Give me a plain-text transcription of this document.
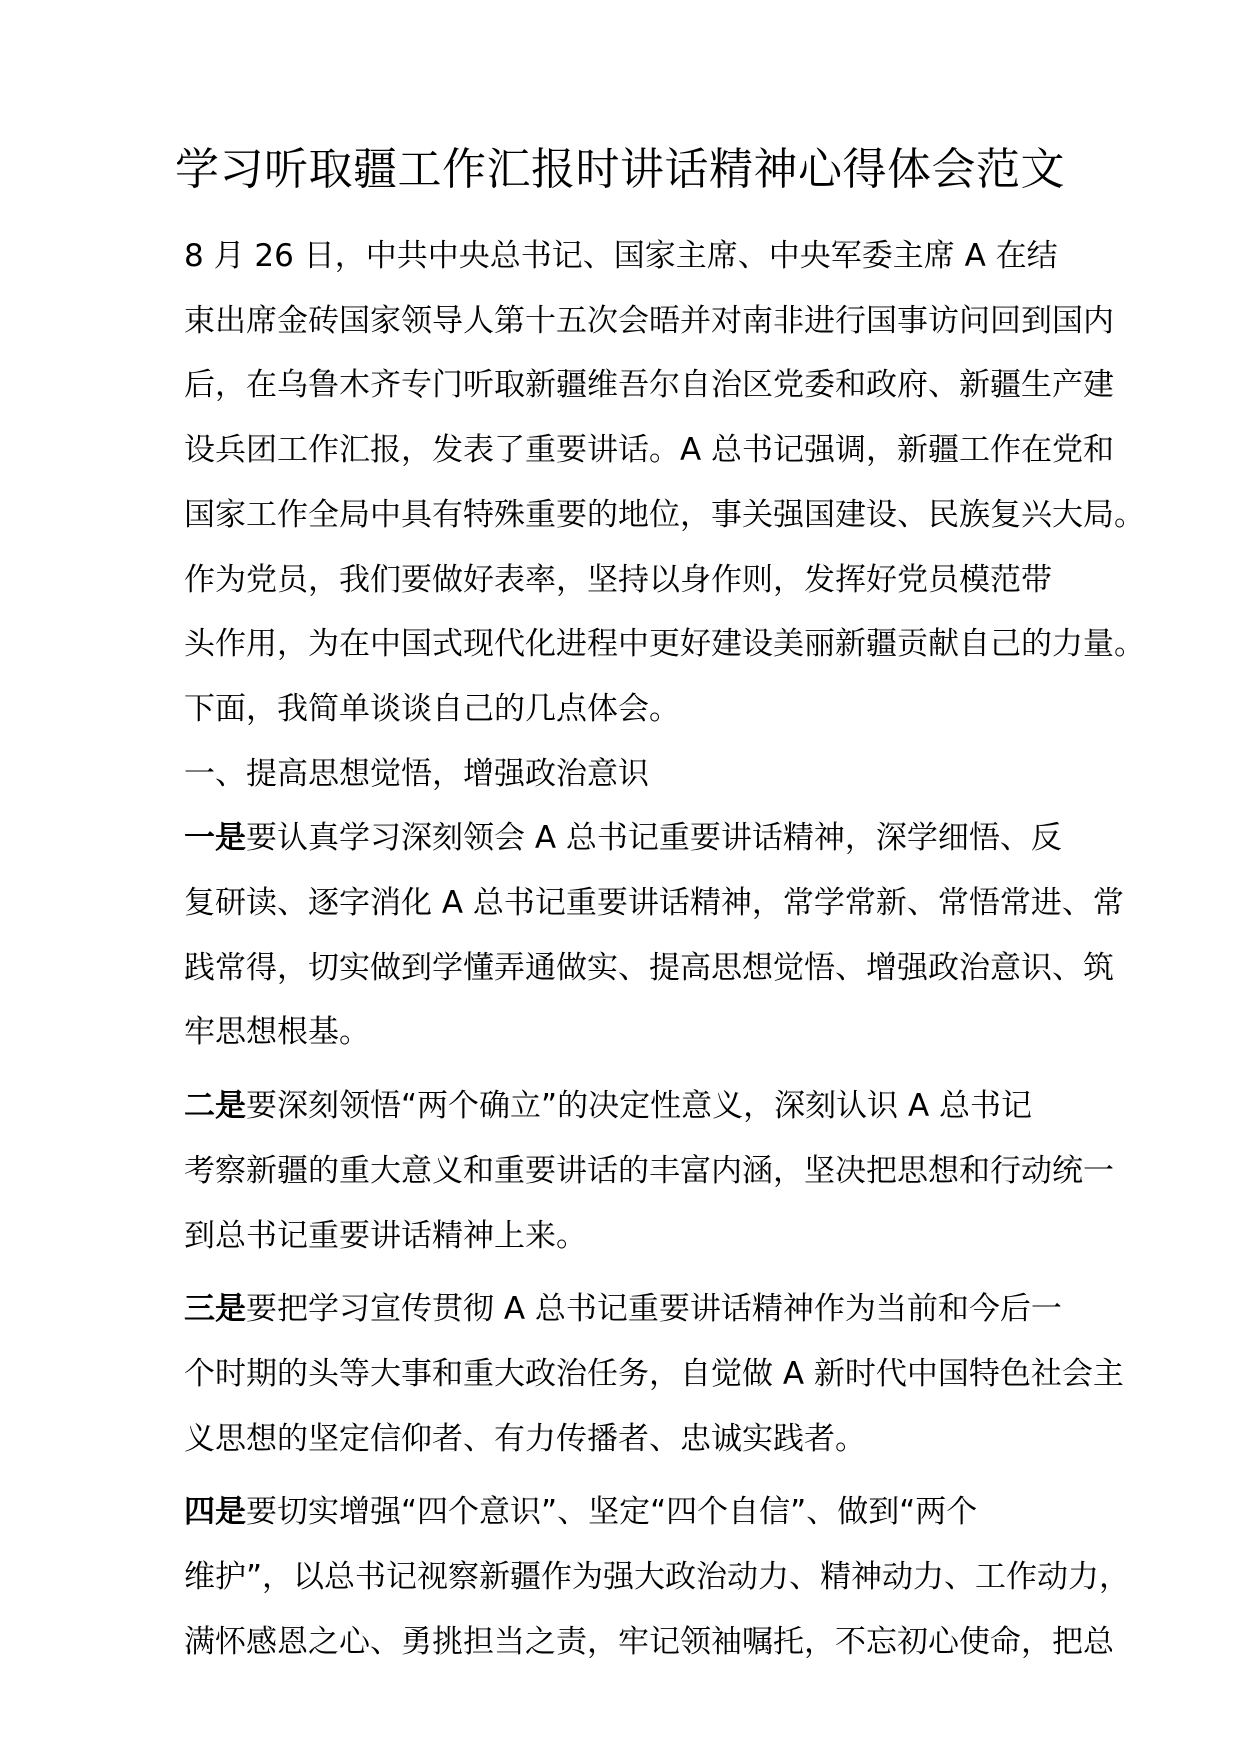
学习听取疆工作汇报时讲话精神心得体会范文
8 月 26 日，中共中央总书记、国家主席、中央军委主席 A 在结
束出席金砖国家领导人第十五次会晤并对南非进行国事访问回到国内
后，在乌鲁木齐专门听取新疆维吾尔自治区党委和政府、新疆生产建
设兵团工作汇报，发表了重要讲话。A 总书记强调，新疆工作在党和
国家工作全局中具有特殊重要的地位，事关强国建设、民族复兴大局。
作为党员，我们要做好表率，坚持以身作则，发挥好党员模范带
头作用，为在中国式现代化进程中更好建设美丽新疆贡献自己的力量。
下面，我简单谈谈自己的几点体会。
一、提高思想觉悟，增强政治意识
一是要认真学习深刻领会 A 总书记重要讲话精神，深学细悟、反
复研读、逐字消化 A 总书记重要讲话精神，常学常新、常悟常进、常
践常得，切实做到学懂弄通做实、提高思想觉悟、增强政治意识、筑
牢思想根基。
二是要深刻领悟“两个确立”的决定性意义，深刻认识 A 总书记
考察新疆的重大意义和重要讲话的丰富内涵，坚决把思想和行动统一
到总书记重要讲话精神上来。
三是要把学习宣传贯彻 A 总书记重要讲话精神作为当前和今后一
个时期的头等大事和重大政治任务，自觉做 A 新时代中国特色社会主
义思想的坚定信仰者、有力传播者、忠诚实践者。
四是要切实增强“四个意识”、坚定“四个自信”、做到“两个
维护”，以总书记视察新疆作为强大政治动力、精神动力、工作动力，
满怀感恩之心、勇挑担当之责，牢记领袖嘱托，不忘初心使命，把总
